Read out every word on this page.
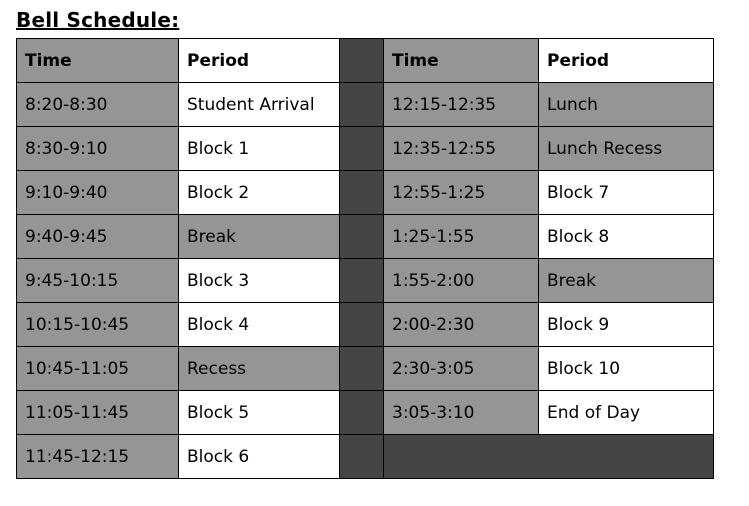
Bell Schedule:
Time	Period		Time	Period
8:20-8:30	Student Arrival		12:15-12:35	Lunch
8:30-9:10	Block 1		12:35-12:55	Lunch Recess
9:10-9:40	Block 2		12:55-1:25	Block 7
9:40-9:45	Break		1:25-1:55	Block 8
9:45-10:15	Block 3		1:55-2:00	Break
10:15-10:45	Block 4		2:00-2:30	Block 9
10:45-11:05	Recess		2:30-3:05	Block 10
11:05-11:45	Block 5		3:05-3:10	End of Day
11:45-12:15	Block 6			
